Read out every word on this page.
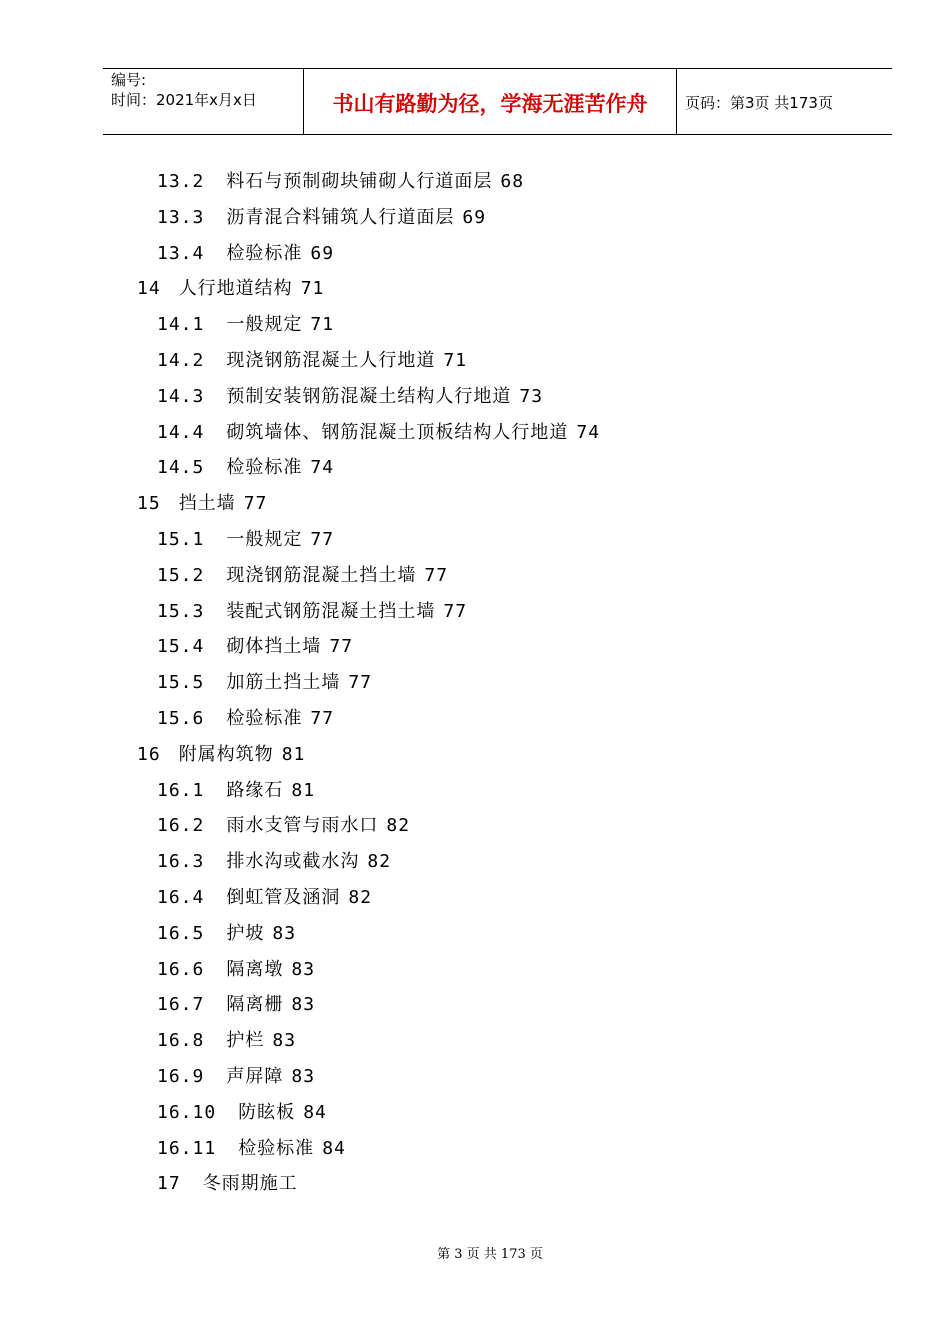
编号:
时间：2021年x月x日	书山有路勤为径，学海无涯苦作舟	页码：第3页 共173页
13.2 料石与预制砌块铺砌人行道面层 68
13.3 沥青混合料铺筑人行道面层 69
13.4 检验标准 69
14 人行地道结构 71
14.1 一般规定 71
14.2 现浇钢筋混凝土人行地道 71
14.3 预制安装钢筋混凝土结构人行地道 73
14.4 砌筑墙体、钢筋混凝土顶板结构人行地道 74
14.5 检验标准 74
15 挡土墙 77
15.1 一般规定 77
15.2 现浇钢筋混凝土挡土墙 77
15.3 装配式钢筋混凝土挡土墙 77
15.4 砌体挡土墙 77
15.5 加筋土挡土墙 77
15.6 检验标准 77
16 附属构筑物 81
16.1 路缘石 81
16.2 雨水支管与雨水口 82
16.3 排水沟或截水沟 82
16.4 倒虹管及涵洞 82
16.5 护坡 83
16.6 隔离墩 83
16.7 隔离栅 83
16.8 护栏 83
16.9 声屏障 83
16.10 防眩板 84
16.11 检验标准 84
17 冬雨期施工
第 3 页 共 173 页
